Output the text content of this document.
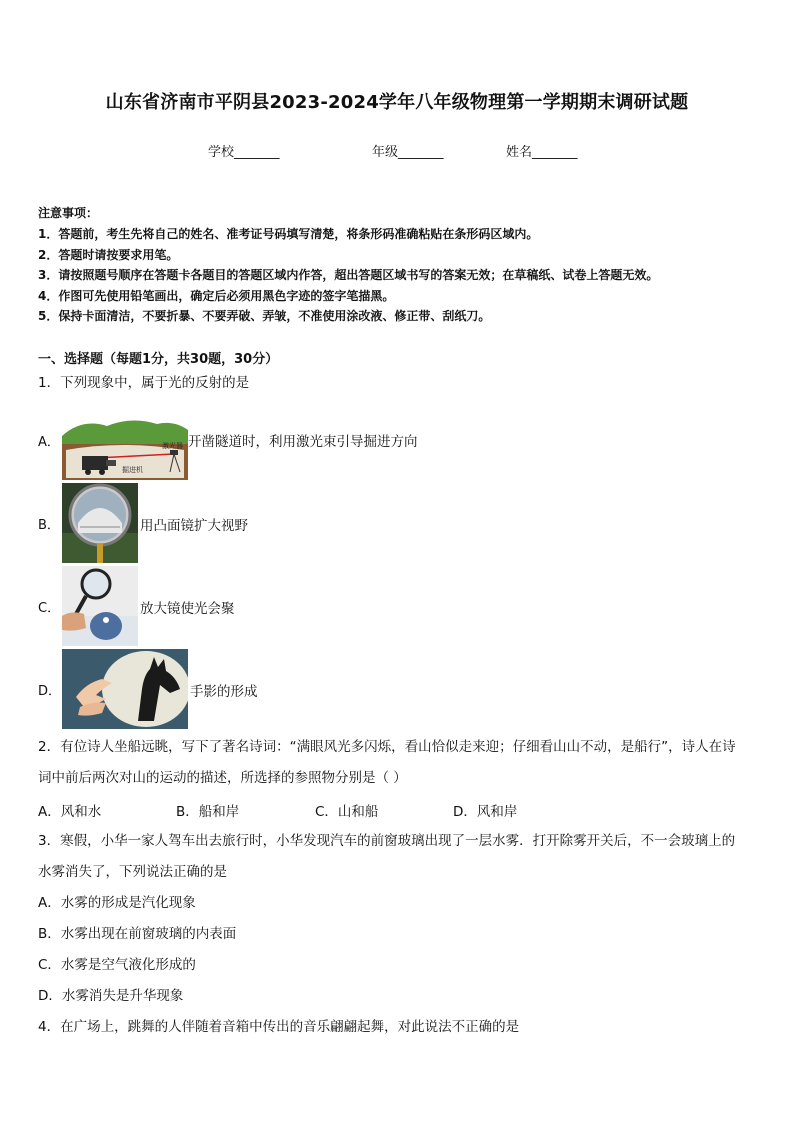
山东省济南市平阴县2023-2024学年八年级物理第一学期期末调研试题
学校_______	年级_______	姓名_______
注意事项：
1．答题前，考生先将自己的姓名、准考证号码填写清楚，将条形码准确粘贴在条形码区域内。
2．答题时请按要求用笔。
3．请按照题号顺序在答题卡各题目的答题区域内作答，超出答题区域书写的答案无效；在草稿纸、试卷上答题无效。
4．作图可先使用铅笔画出，确定后必须用黑色字迹的签字笔描黑。
5．保持卡面清洁，不要折暴、不要弄破、弄皱，不准使用涂改液、修正带、刮纸刀。
一、选择题（每题1分，共30题，30分）
1．下列现象中，属于光的反射的是
A．	激光器
掘进机
开凿隧道时，利用激光束引导掘进方向
B．	用凸面镜扩大视野
C．	放大镜使光会聚
D．	手影的形成
2．有位诗人坐船远眺，写下了著名诗词：“满眼风光多闪烁，看山恰似走来迎；仔细看山山不动，是船行”，诗人在诗
词中前后两次对山的运动的描述，所选择的参照物分别是（ ）
A．风和水	B．船和岸	C．山和船	D．风和岸
3．寒假，小华一家人驾车出去旅行时，小华发现汽车的前窗玻璃出现了一层水雾．打开除雾开关后，不一会玻璃上的
水雾消失了，下列说法正确的是
A．水雾的形成是汽化现象
B．水雾出现在前窗玻璃的内表面
C．水雾是空气液化形成的
D．水雾消失是升华现象
4．在广场上，跳舞的人伴随着音箱中传出的音乐翩翩起舞，对此说法不正确的是
